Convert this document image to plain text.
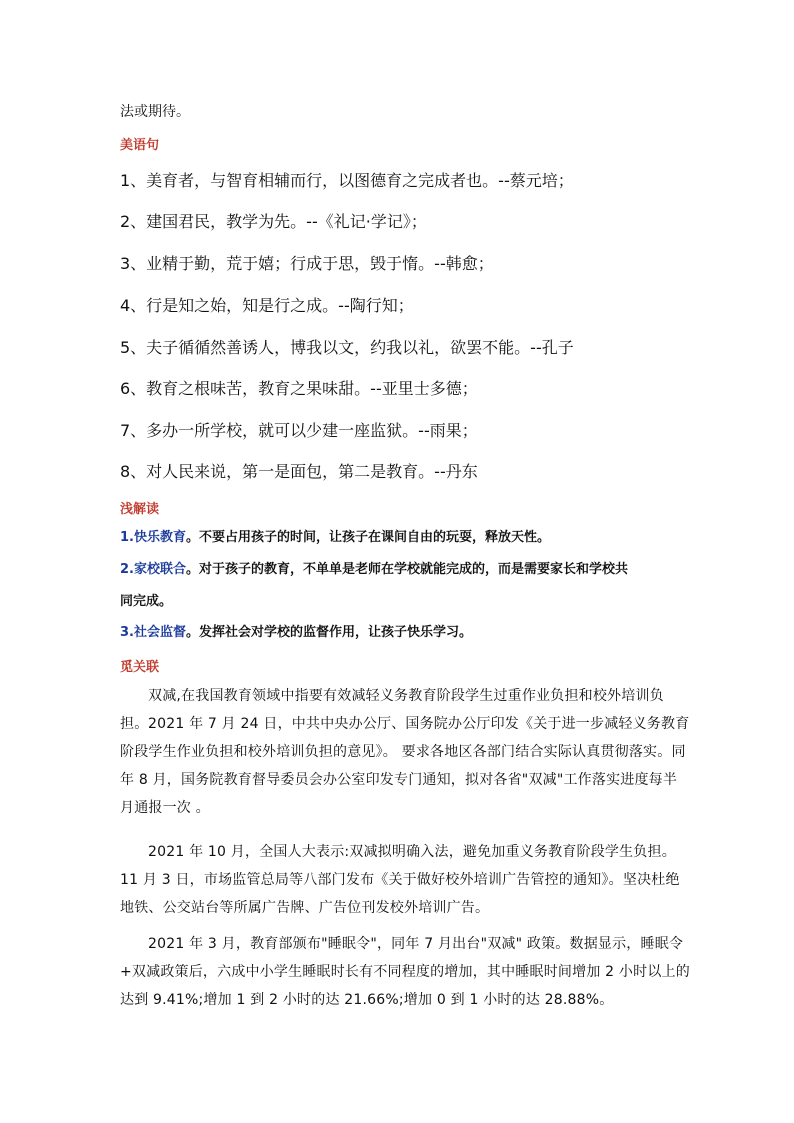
法或期待。
美语句
1、美育者，与智育相辅而行，以图德育之完成者也。--蔡元培；
2、建国君民，教学为先。--《礼记·学记》；
3、业精于勤，荒于嬉；行成于思，毁于惰。--韩愈；
4、行是知之始，知是行之成。--陶行知；
5、夫子循循然善诱人，博我以文，约我以礼，欲罢不能。--孔子
6、教育之根味苦，教育之果味甜。--亚里士多德；
7、多办一所学校，就可以少建一座监狱。--雨果；
8、对人民来说，第一是面包，第二是教育。--丹东
浅解读
1.快乐教育。不要占用孩子的时间，让孩子在课间自由的玩耍，释放天性。
2.家校联合。对于孩子的教育，不单单是老师在学校就能完成的，而是需要家长和学校共
同完成。
3.社会监督。发挥社会对学校的监督作用，让孩子快乐学习。
觅关联
双减,在我国教育领域中指要有效减轻义务教育阶段学生过重作业负担和校外培训负担。 2021 年 7 月 24 日，中共中央办公厅、国务院办公厅印发《关于进一步减轻义务教育阶段学生作业负担和校外培训负担的意见》。 要求各地区各部门结合实际认真贯彻落实。同年 8 月，国务院教育督导委员会办公室印发专门通知，拟对各省"双减"工作落实进度每半月通报一次 。
2021 年 10 月，全国人大表示:双减拟明确入法，避免加重义务教育阶段学生负担。11 月 3 日，市场监管总局等八部门发布《关于做好校外培训广告管控的通知》。坚决杜绝地铁、公交站台等所属广告牌、广告位刊发校外培训广告。
2021 年 3 月，教育部颁布"睡眠令"，同年 7 月出台"双减" 政策。数据显示，睡眠令+双减政策后，六成中小学生睡眠时长有不同程度的增加，其中睡眠时间增加 2 小时以上的达到 9.41%;增加 1 到 2 小时的达 21.66%;增加 0 到 1 小时的达 28.88%。
